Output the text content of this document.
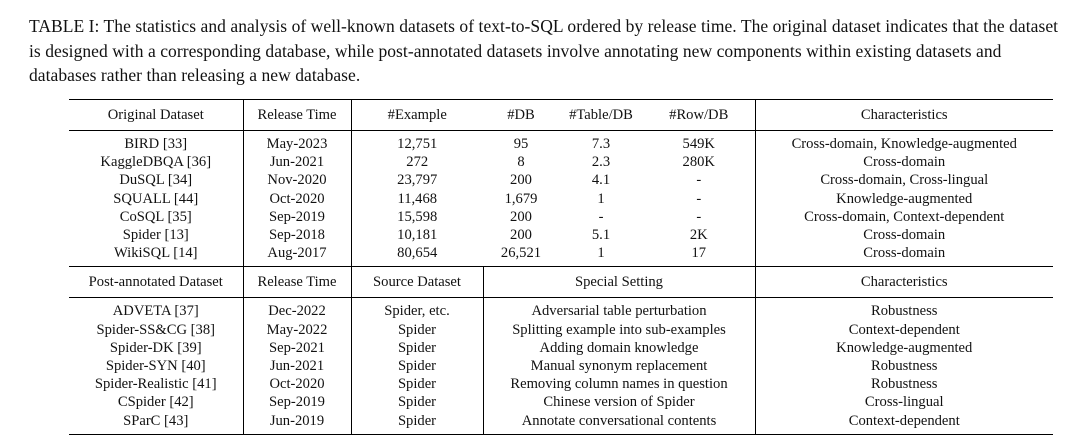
TABLE I: The statistics and analysis of well-known datasets of text-to-SQL ordered by release time. The original dataset indicates that the dataset is designed with a corresponding database, while post-annotated datasets involve annotating new components within existing datasets and databases rather than releasing a new database.
Original Dataset	Release Time	#Example	#DB	#Table/DB	#Row/DB	Characteristics

BIRD [33]	May-2023	12,751	95	7.3	549K	Cross-domain, Knowledge-augmented
KaggleDBQA [36]	Jun-2021	272	8	2.3	280K	Cross-domain
DuSQL [34]	Nov-2020	23,797	200	4.1	-	Cross-domain, Cross-lingual
SQUALL [44]	Oct-2020	11,468	1,679	1	-	Knowledge-augmented
CoSQL [35]	Sep-2019	15,598	200	-	-	Cross-domain, Context-dependent
Spider [13]	Sep-2018	10,181	200	5.1	2K	Cross-domain
WikiSQL [14]	Aug-2017	80,654	26,521	1	17	Cross-domain

Post-annotated Dataset	Release Time	Source Dataset	Special Setting			Characteristics

ADVETA [37]	Dec-2022	Spider, etc.	Adversarial table perturbation			Robustness
Spider-SS&CG [38]	May-2022	Spider	Splitting example into sub-examples			Context-dependent
Spider-DK [39]	Sep-2021	Spider	Adding domain knowledge			Knowledge-augmented
Spider-SYN [40]	Jun-2021	Spider	Manual synonym replacement			Robustness
Spider-Realistic [41]	Oct-2020	Spider	Removing column names in question			Robustness
CSpider [42]	Sep-2019	Spider	Chinese version of Spider			Cross-lingual
SParC [43]	Jun-2019	Spider	Annotate conversational contents			Context-dependent
